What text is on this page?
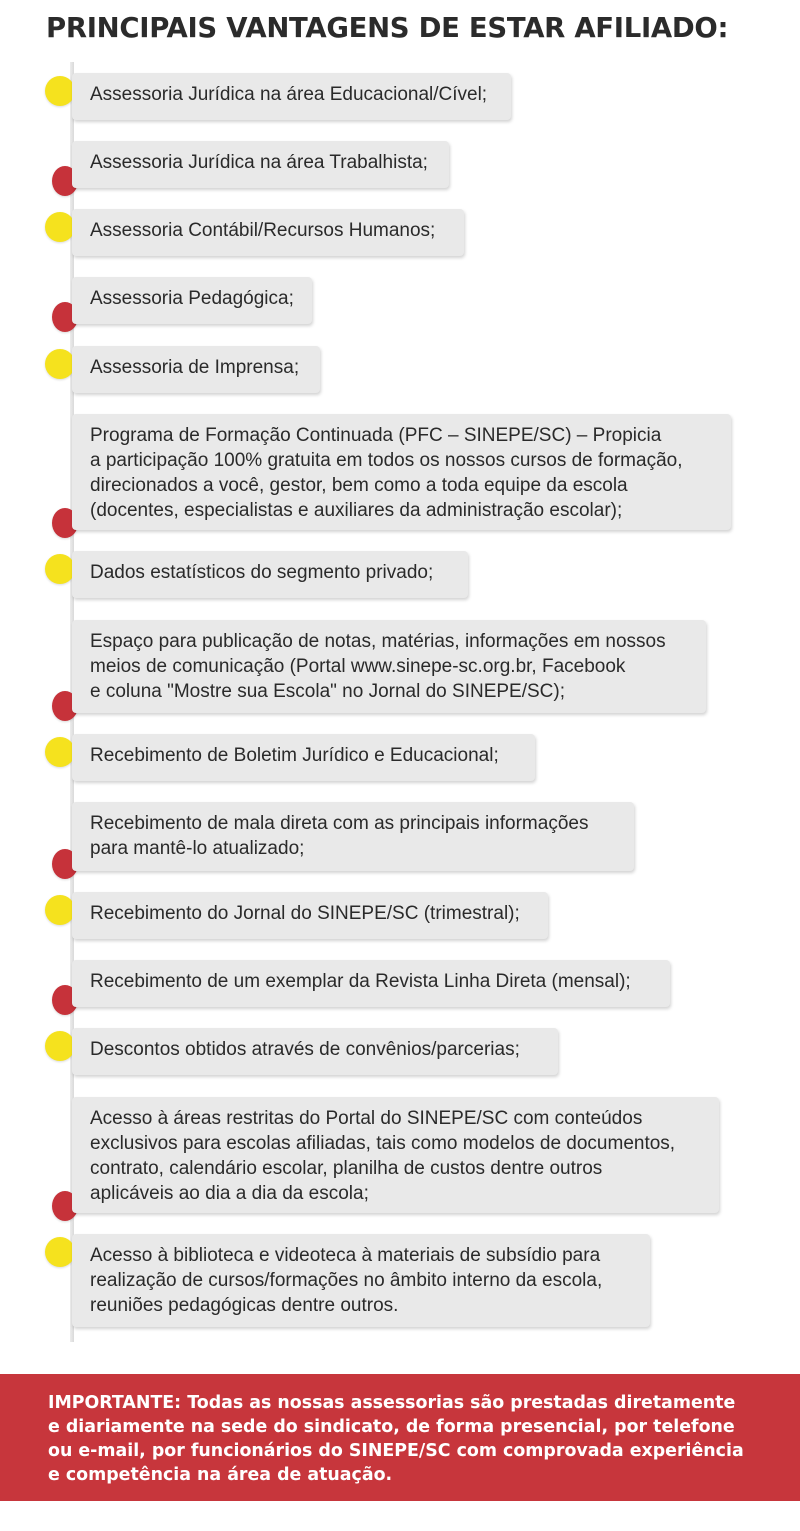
PRINCIPAIS VANTAGENS DE ESTAR AFILIADO:
Assessoria Jurídica na área Educacional/Cível;
Assessoria Jurídica na área Trabalhista;
Assessoria Contábil/Recursos Humanos;
Assessoria Pedagógica;
Assessoria de Imprensa;
Programa de Formação Continuada (PFC – SINEPE/SC) – Propicia
a participação 100% gratuita em todos os nossos cursos de formação,
direcionados a você, gestor, bem como a toda equipe da escola
(docentes, especialistas e auxiliares da administração escolar);
Dados estatísticos do segmento privado;
Espaço para publicação de notas, matérias, informações em nossos
meios de comunicação (Portal www.sinepe-sc.org.br, Facebook
e coluna "Mostre sua Escola" no Jornal do SINEPE/SC);
Recebimento de Boletim Jurídico e Educacional;
Recebimento de mala direta com as principais informações
para mantê-lo atualizado;
Recebimento do Jornal do SINEPE/SC (trimestral);
Recebimento de um exemplar da Revista Linha Direta (mensal);
Descontos obtidos através de convênios/parcerias;
Acesso à áreas restritas do Portal do SINEPE/SC com conteúdos
exclusivos para escolas afiliadas, tais como modelos de documentos,
contrato, calendário escolar, planilha de custos dentre outros
aplicáveis ao dia a dia da escola;
Acesso à biblioteca e videoteca à materiais de subsídio para
realização de cursos/formações no âmbito interno da escola,
reuniões pedagógicas dentre outros.
IMPORTANTE: Todas as nossas assessorias são prestadas diretamente
e diariamente na sede do sindicato, de forma presencial, por telefone
ou e-mail, por funcionários do SINEPE/SC com comprovada experiência
e competência na área de atuação.
